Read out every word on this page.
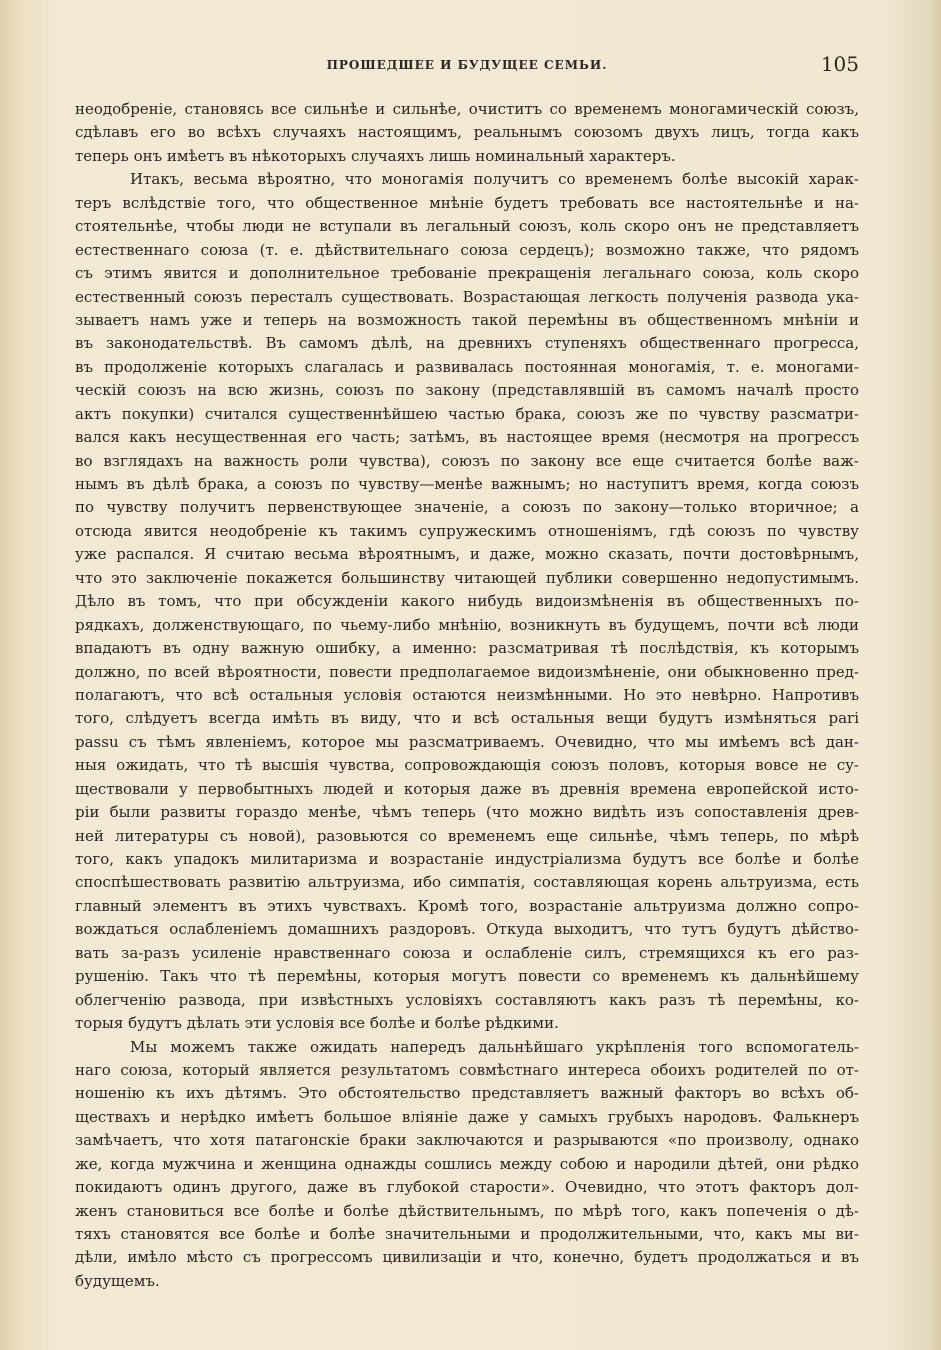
ПРОШЕДШЕЕ И БУДУЩЕЕ СЕМЬИ.	105
неодобреніе, становясь все сильнѣе и сильнѣе, очиститъ со временемъ моногамическій союзъ,
сдѣлавъ его во всѣхъ случаяхъ настоящимъ, реальнымъ союзомъ двухъ лицъ, тогда какъ
теперь онъ имѣетъ въ нѣкоторыхъ случаяхъ лишь номинальный характеръ.
Итакъ, весьма вѣроятно, что моногамія получитъ со временемъ болѣе высокій харак-
теръ вслѣдствіе того, что общественное мнѣніе будетъ требовать все настоятельнѣе и на-
стоятельнѣе, чтобы люди не вступали въ легальный союзъ, коль скоро онъ не представляетъ
естественнаго союза (т. е. дѣйствительнаго союза сердецъ); возможно также, что рядомъ
съ этимъ явится и дополнительное требованіе прекращенія легальнаго союза, коль скоро
естественный союзъ пересталъ существовать. Возрастающая легкость полученія развода ука-
зываетъ намъ уже и теперь на возможность такой перемѣны въ общественномъ мнѣніи и
въ законодательствѣ. Въ самомъ дѣлѣ, на древнихъ ступеняхъ общественнаго прогресса,
въ продолженіе которыхъ слагалась и развивалась постоянная моногамія, т. е. моногами-
ческій союзъ на всю жизнь, союзъ по закону (представлявшій въ самомъ началѣ просто
актъ покупки) считался существеннѣйшею частью брака, союзъ же по чувству разсматри-
вался какъ несущественная его часть; затѣмъ, въ настоящее время (несмотря на прогрессъ
во взглядахъ на важность роли чувства), союзъ по закону все еще считается болѣе важ-
нымъ въ дѣлѣ брака, а союзъ по чувству—менѣе важнымъ; но наступитъ время, когда союзъ
по чувству получитъ первенствующее значеніе, а союзъ по закону—только вторичное; а
отсюда явится неодобреніе къ такимъ супружескимъ отношеніямъ, гдѣ союзъ по чувству
уже распался. Я считаю весьма вѣроятнымъ, и даже, можно сказать, почти достовѣрнымъ,
что это заключеніе покажется большинству читающей публики совершенно недопустимымъ.
Дѣло въ томъ, что при обсужденіи какого нибудь видоизмѣненія въ общественныхъ по-
рядкахъ, долженствующаго, по чьему-либо мнѣнію, возникнуть въ будущемъ, почти всѣ люди
впадаютъ въ одну важную ошибку, а именно: разсматривая тѣ послѣдствія, къ которымъ
должно, по всей вѣроятности, повести предполагаемое видоизмѣненіе, они обыкновенно пред-
полагаютъ, что всѣ остальныя условія остаются неизмѣнными. Но это невѣрно. Напротивъ
того, слѣдуетъ всегда имѣть въ виду, что и всѣ остальныя вещи будутъ измѣняться pari
passu съ тѣмъ явленіемъ, которое мы разсматриваемъ. Очевидно, что мы имѣемъ всѣ дан-
ныя ожидать, что тѣ высшія чувства, сопровождающія союзъ половъ, которыя вовсе не су-
ществовали у первобытныхъ людей и которыя даже въ древнія времена европейской исто-
ріи были развиты гораздо менѣе, чѣмъ теперь (что можно видѣть изъ сопоставленія древ-
ней литературы съ новой), разовьются со временемъ еще сильнѣе, чѣмъ теперь, по мѣрѣ
того, какъ упадокъ милитаризма и возрастаніе индустріализма будутъ все болѣе и болѣе
споспѣшествовать развитію альтруизма, ибо симпатія, составляющая корень альтруизма, есть
главный элементъ въ этихъ чувствахъ. Кромѣ того, возрастаніе альтруизма должно сопро-
вождаться ослабленіемъ домашнихъ раздоровъ. Откуда выходитъ, что тутъ будутъ дѣйство-
вать за-разъ усиленіе нравственнаго союза и ослабленіе силъ, стремящихся къ его раз-
рушенію. Такъ что тѣ перемѣны, которыя могутъ повести со временемъ къ дальнѣйшему
облегченію развода, при извѣстныхъ условіяхъ составляютъ какъ разъ тѣ перемѣны, ко-
торыя будутъ дѣлать эти условія все болѣе и болѣе рѣдкими.
Мы можемъ также ожидать напередъ дальнѣйшаго укрѣпленія того вспомогатель-
наго союза, который является результатомъ совмѣстнаго интереса обоихъ родителей по от-
ношенію къ ихъ дѣтямъ. Это обстоятельство представляетъ важный факторъ во всѣхъ об-
ществахъ и нерѣдко имѣетъ большое вліяніе даже у самыхъ грубыхъ народовъ. Фалькнеръ
замѣчаетъ, что хотя патагонскіе браки заключаются и разрываются «по произволу, однако
же, когда мужчина и женщина однажды сошлись между собою и народили дѣтей, они рѣдко
покидаютъ одинъ другого, даже въ глубокой старости». Очевидно, что этотъ факторъ дол-
женъ становиться все болѣе и болѣе дѣйствительнымъ, по мѣрѣ того, какъ попеченія о дѣ-
тяхъ становятся все болѣе и болѣе значительными и продолжительными, что, какъ мы ви-
дѣли, имѣло мѣсто съ прогрессомъ цивилизаціи и что, конечно, будетъ продолжаться и въ
будущемъ.
